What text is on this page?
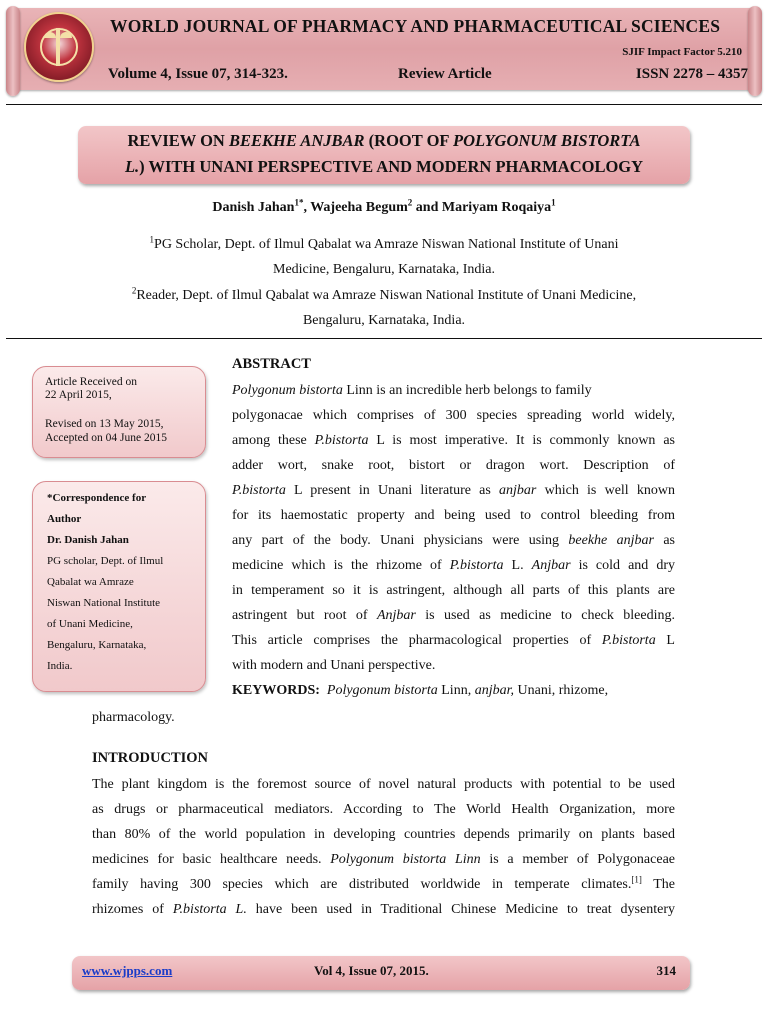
WORLD JOURNAL OF PHARMACY AND PHARMACEUTICAL SCIENCES
SJIF Impact Factor 5.210
Volume 4, Issue 07, 314-323.	Review Article	ISSN 2278 – 4357
REVIEW ON BEEKHE ANJBAR (ROOT OF POLYGONUM BISTORTA
L.) WITH UNANI PERSPECTIVE AND MODERN PHARMACOLOGY
Danish Jahan$^{1*}$, Wajeeha Begum$^2$ and Mariyam Roqaiya$^1$
$^1$PG Scholar, Dept. of Ilmul Qabalat wa Amraze Niswan National Institute of Unani
Medicine, Bengaluru, Karnataka, India.
$^2$Reader, Dept. of Ilmul Qabalat wa Amraze Niswan National Institute of Unani Medicine,
Bengaluru, Karnataka, India.
Article Received on
22 April 2015,
Revised on 13 May 2015,
Accepted on 04 June 2015
*Correspondence for
Author
Dr. Danish Jahan
PG scholar, Dept. of Ilmul
Qabalat wa Amraze
Niswan National Institute
of Unani Medicine,
Bengaluru, Karnataka,
India.
ABSTRACT
Polygonum bistorta Linn is an incredible herb belongs to family
polygonacae which comprises of 300 species spreading world widely,
among these P.bistorta L is most imperative. It is commonly known as
adder wort, snake root, bistort or dragon wort. Description of
P.bistorta L present in Unani literature as anjbar which is well known
for its haemostatic property and being used to control bleeding from
any part of the body. Unani physicians were using beekhe anjbar as
medicine which is the rhizome of P.bistorta L. Anjbar is cold and dry
in temperament so it is astringent, although all parts of this plants are
astringent but root of Anjbar is used as medicine to check bleeding.
This article comprises the pharmacological properties of P.bistorta L
with modern and Unani perspective.
KEYWORDS: Polygonum bistorta Linn, anjbar, Unani, rhizome,
pharmacology.
INTRODUCTION
The plant kingdom is the foremost source of novel natural products with potential to be used
as drugs or pharmaceutical mediators. According to The World Health Organization, more
than 80% of the world population in developing countries depends primarily on plants based
medicines for basic healthcare needs. Polygonum bistorta Linn is a member of Polygonaceae
family having 300 species which are distributed worldwide in temperate climates.[1] The
rhizomes of P.bistorta L. have been used in Traditional Chinese Medicine to treat dysentery
www.wjpps.com	Vol 4, Issue 07, 2015.	314
